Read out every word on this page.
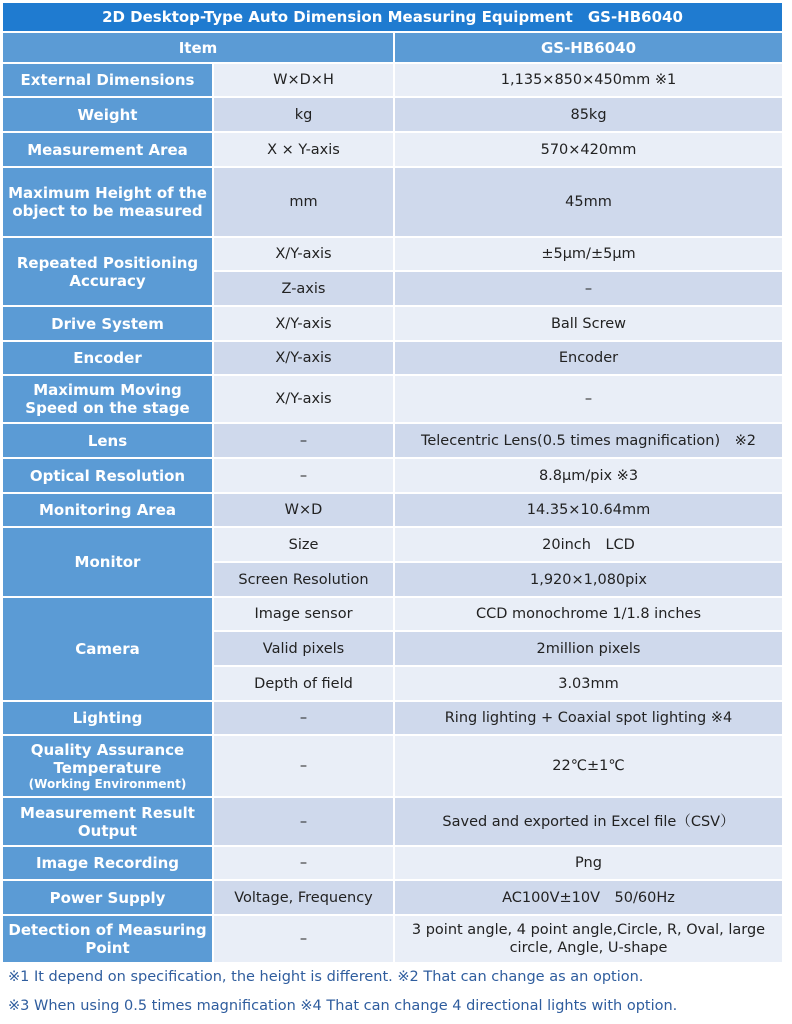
2D Desktop-Type Auto Dimension Measuring Equipment　GS-HB6040		
Item		GS-HB6040
External Dimensions	W×D×H	1,135×850×450mm ※1
Weight	kg	85kg
Measurement Area	X × Y-axis	570×420mm
Maximum Height of the object to be measured	mm	45mm
Repeated Positioning Accuracy	X/Y-axis	±5μm/±5μm
	Z-axis	–
Drive System	X/Y-axis	Ball Screw
Encoder	X/Y-axis	Encoder
Maximum Moving Speed on the stage	X/Y-axis	–
Lens	–	Telecentric Lens(0.5 times magnification)　※2
Optical Resolution	–	8.8μm/pix ※3
Monitoring Area	W×D	14.35×10.64mm
Monitor	Size	20inch　LCD
	Screen Resolution	1,920×1,080pix
Camera	Image sensor	CCD monochrome 1/1.8 inches
	Valid pixels	2million pixels
	Depth of field	3.03mm
Lighting	–	Ring lighting + Coaxial spot lighting ※4
Quality Assurance Temperature
(Working Environment)	–	22℃±1℃
Measurement Result Output	–	Saved and exported in Excel file（CSV）
Image Recording	–	Png
Power Supply	Voltage, Frequency	AC100V±10V　50/60Hz
Detection of Measuring Point	–	3 point angle, 4 point angle,Circle, R, Oval, large circle, Angle, U-shape
※1 It depend on specification, the height is different. ※2 That can change as an option.
※3 When using 0.5 times magnification ※4 That can change 4 directional lights with option.
